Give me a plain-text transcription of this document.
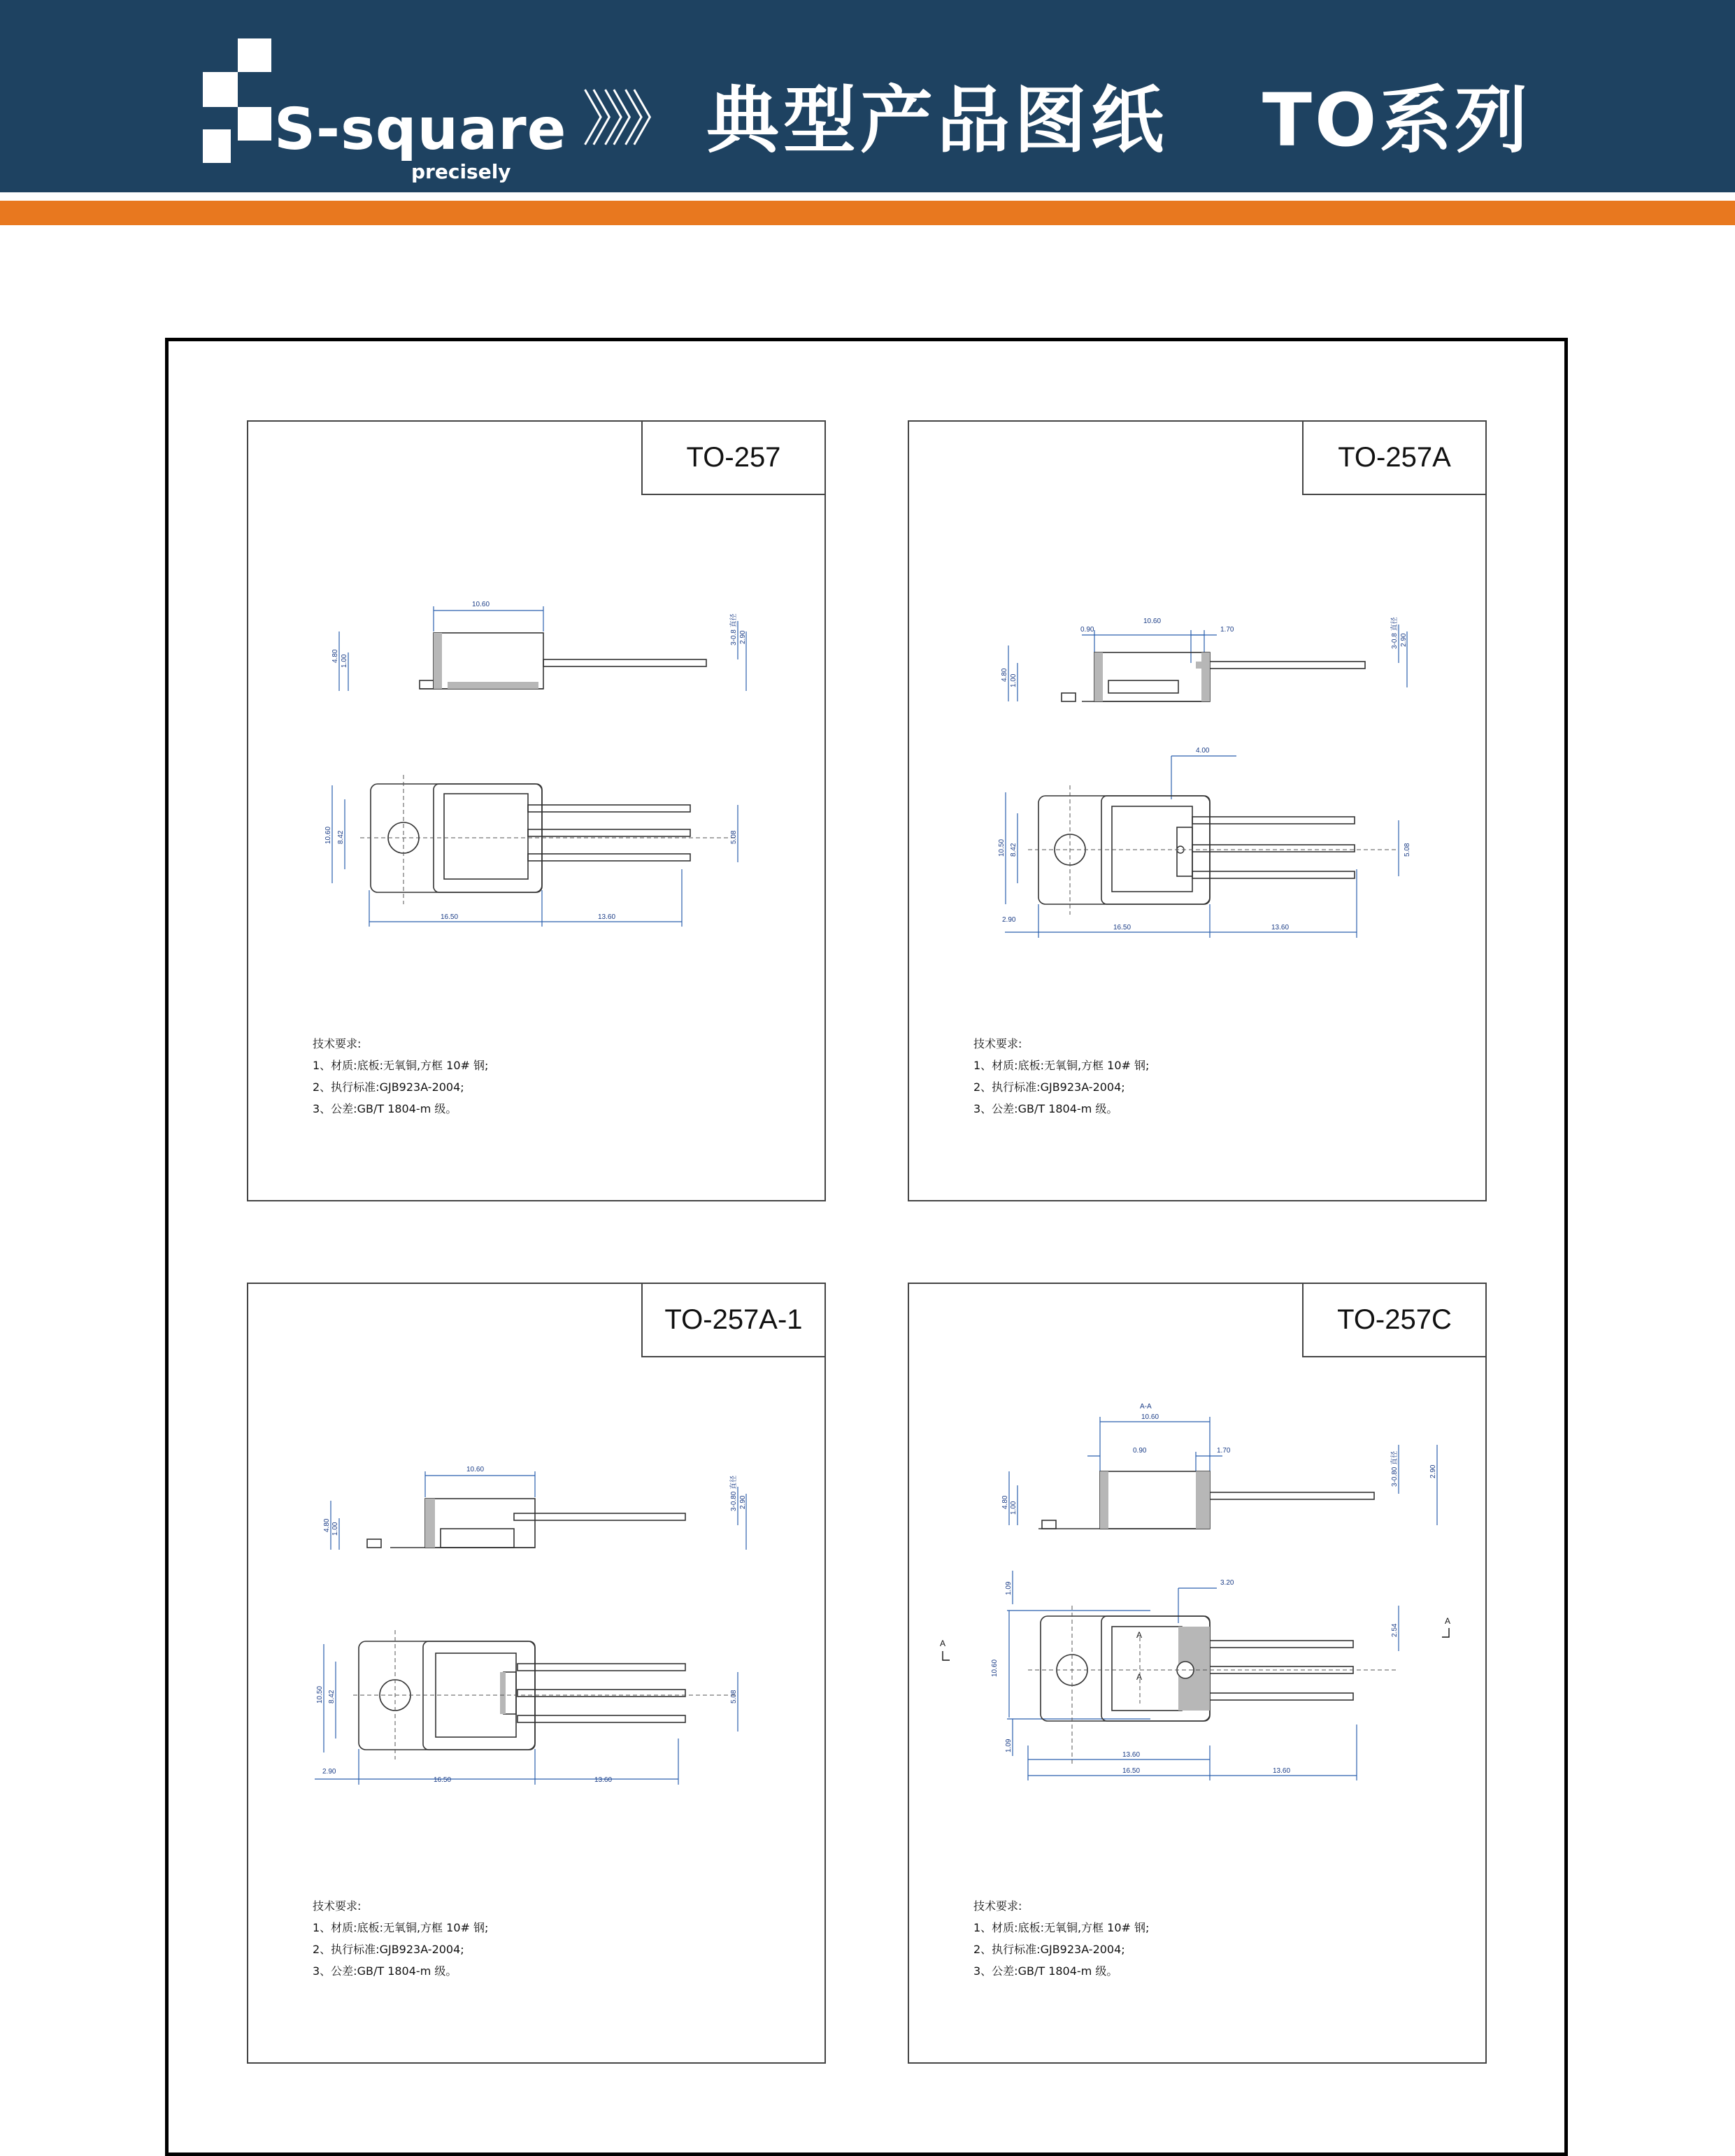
S-square
precisely
》》》 典型产品图纸 TO系列
TO-257
10.60
4.80 1.00
3-0.8 直径 2.90
10.60 8.42	5.08
16.50	13.60
技术要求:
1、材质:底板:无氧铜,方框 10# 钢;
2、执行标准:GJB923A-2004;
3、公差:GB/T 1804-m 级。
TO-257A
0.90
10.60
1.70
4.80 1.00
3-0.8 直径 2.90
4.00
10.50 8.42	5.08
2.90
16.50	13.60
技术要求:
1、材质:底板:无氧铜,方框 10# 钢;
2、执行标准:GJB923A-2004;
3、公差:GB/T 1804-m 级。
TO-257A-1
10.60
4.80 1.00
3-0.80 直径 2.90
10.50 8.42	5.08
2.90
16.50	13.60
技术要求:
1、材质:底板:无氧铜,方框 10# 钢;
2、执行标准:GJB923A-2004;
3、公差:GB/T 1804-m 级。
TO-257C
A-A
10.60
0.90	1.70
4.80 1.00
3-0.80 直径	2.90
1.09	3.20
2.54
10.60
1.09
13.60
16.50	13.60
A
A
A
A
技术要求:
1、材质:底板:无氧铜,方框 10# 钢;
2、执行标准:GJB923A-2004;
3、公差:GB/T 1804-m 级。
